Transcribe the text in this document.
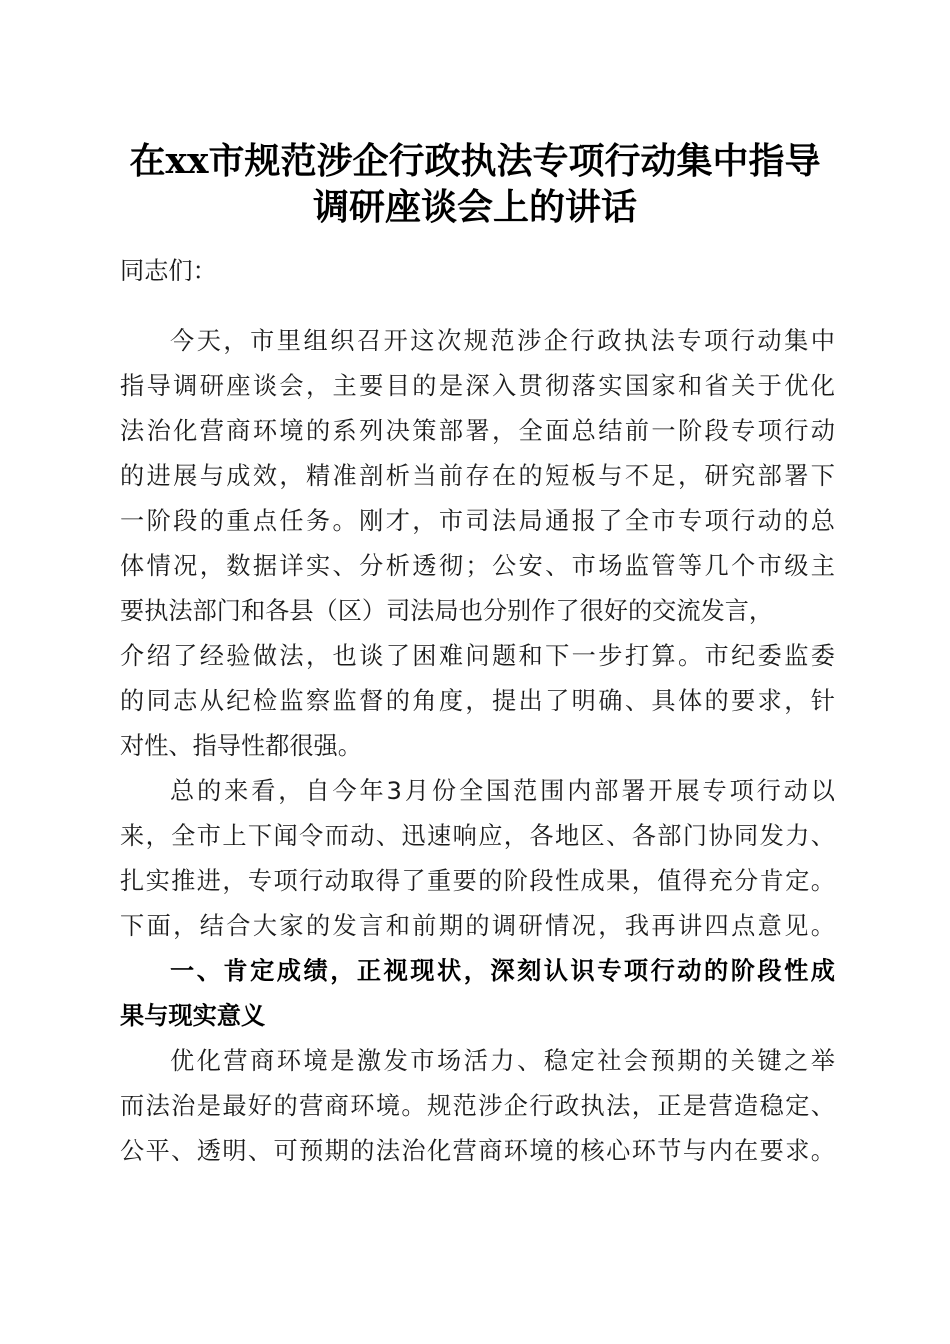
在xx市规范涉企行政执法专项行动集中指导
调研座谈会上的讲话
同志们：
今天，市里组织召开这次规范涉企行政执法专项行动集中
指导调研座谈会，主要目的是深入贯彻落实国家和省关于优化
法治化营商环境的系列决策部署，全面总结前一阶段专项行动
的进展与成效，精准剖析当前存在的短板与不足，研究部署下
一阶段的重点任务。刚才，市司法局通报了全市专项行动的总
体情况，数据详实、分析透彻；公安、市场监管等几个市级主
要执法部门和各县（区）司法局也分别作了很好的交流发言，
介绍了经验做法，也谈了困难问题和下一步打算。市纪委监委
的同志从纪检监察监督的角度，提出了明确、具体的要求，针
对性、指导性都很强。
总的来看，自今年3月份全国范围内部署开展专项行动以
来，全市上下闻令而动、迅速响应，各地区、各部门协同发力、
扎实推进，专项行动取得了重要的阶段性成果，值得充分肯定。
下面，结合大家的发言和前期的调研情况，我再讲四点意见。
一、肯定成绩，正视现状，深刻认识专项行动的阶段性成
果与现实意义
优化营商环境是激发市场活力、稳定社会预期的关键之举
而法治是最好的营商环境。规范涉企行政执法，正是营造稳定、
公平、透明、可预期的法治化营商环境的核心环节与内在要求。
